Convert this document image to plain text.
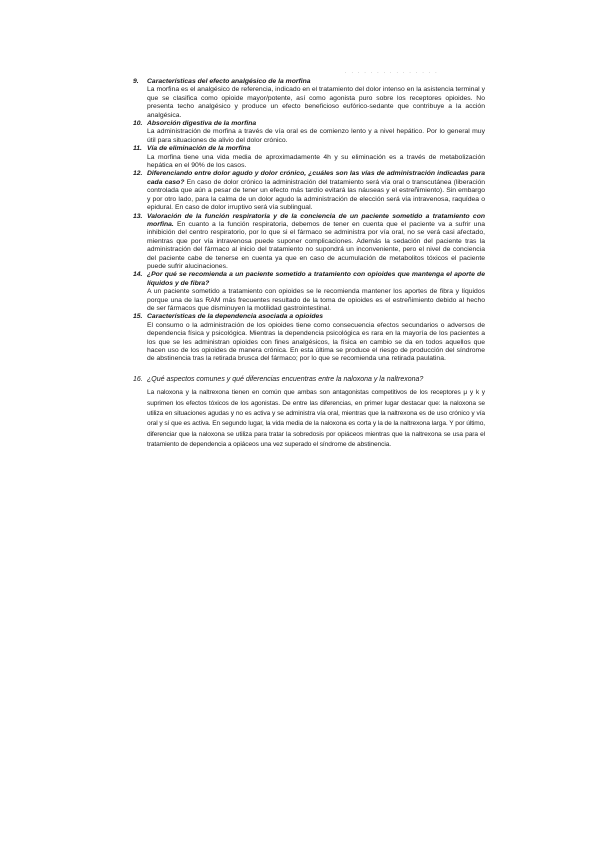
· · · · · · · · · · · · · · ·
9.	Características del efecto analgésico de la morfina
La morfina es el analgésico de referencia, indicado en el tratamiento del dolor intenso en la asistencia terminal y que se clasifica como opioide mayor/potente, así como agonista puro sobre los receptores opioides. No presenta techo analgésico y produce un efecto beneficioso eufórico-sedante que contribuye a la acción analgésica.
10. Absorción digestiva de la morfina
La administración de morfina a través de vía oral es de comienzo lento y a nivel hepático. Por lo general muy útil para situaciones de alivio del dolor crónico.
11. Vía de eliminación de la morfina
La morfina tiene una vida media de aproximadamente 4h y su eliminación es a través de metabolización hepática en el 90% de los casos.
12. Diferenciando entre dolor agudo y dolor crónico, ¿cuáles son las vías de administración indicadas para cada caso? En caso de dolor crónico la administración del tratamiento será vía oral o transcutánea (liberación controlada que aún a pesar de tener un efecto más tardío evitará las náuseas y el estreñimiento). Sin embargo y por otro lado, para la calma de un dolor agudo la administración de elección será vía intravenosa, raquídea o epidural. En caso de dolor irruptivo será vía sublingual.
13. Valoración de la función respiratoria y de la conciencia de un paciente sometido a tratamiento con morfina. En cuanto a la función respiratoria, debemos de tener en cuenta que el paciente va a sufrir una inhibición del centro respiratorio, por lo que si el fármaco se administra por vía oral, no se verá casi afectado, mientras que por vía intravenosa puede suponer complicaciones. Además la sedación del paciente tras la administración del fármaco al inicio del tratamiento no supondrá un inconveniente, pero el nivel de conciencia del paciente cabe de tenerse en cuenta ya que en caso de acumulación de metabolitos tóxicos el paciente puede sufrir alucinaciones.
14. ¿Por qué se recomienda a un paciente sometido a tratamiento con opioides que mantenga el aporte de líquidos y de fibra?
A un paciente sometido a tratamiento con opioides se le recomienda mantener los aportes de fibra y líquidos porque una de las RAM más frecuentes resultado de la toma de opioides es el estreñimiento debido al hecho de ser fármacos que disminuyen la motilidad gastrointestinal.
15. Características de la dependencia asociada a opioides
El consumo o la administración de los opioides tiene como consecuencia efectos secundarios o adversos de dependencia física y psicológica. Mientras la dependencia psicológica es rara en la mayoría de los pacientes a los que se les administran opioides con fines analgésicos, la física en cambio se da en todos aquellos que hacen uso de los opioides de manera crónica. En esta última se produce el riesgo de producción del síndrome de abstinencia tras la retirada brusca del fármaco; por lo que se recomienda una retirada paulatina.
16. ¿Qué aspectos comunes y qué diferencias encuentras entre la naloxona y la naltrexona?
La naloxona y la naltrexona tienen en común que ambas son antagonistas competitivos de los receptores μ y k y suprimen los efectos tóxicos de los agonistas. De entre las diferencias, en primer lugar destacar que: la naloxona se utiliza en situaciones agudas y no es activa y se administra vía oral, mientras que la naltrexona es de uso crónico y vía oral y sí que es activa. En segundo lugar, la vida media de la naloxona es corta y la de la naltrexona larga. Y por último, diferenciar que la naloxona se utiliza para tratar la sobredosis por opiáceos mientras que la naltrexona se usa para el tratamiento de dependencia a opiáceos una vez superado el síndrome de abstinencia.
